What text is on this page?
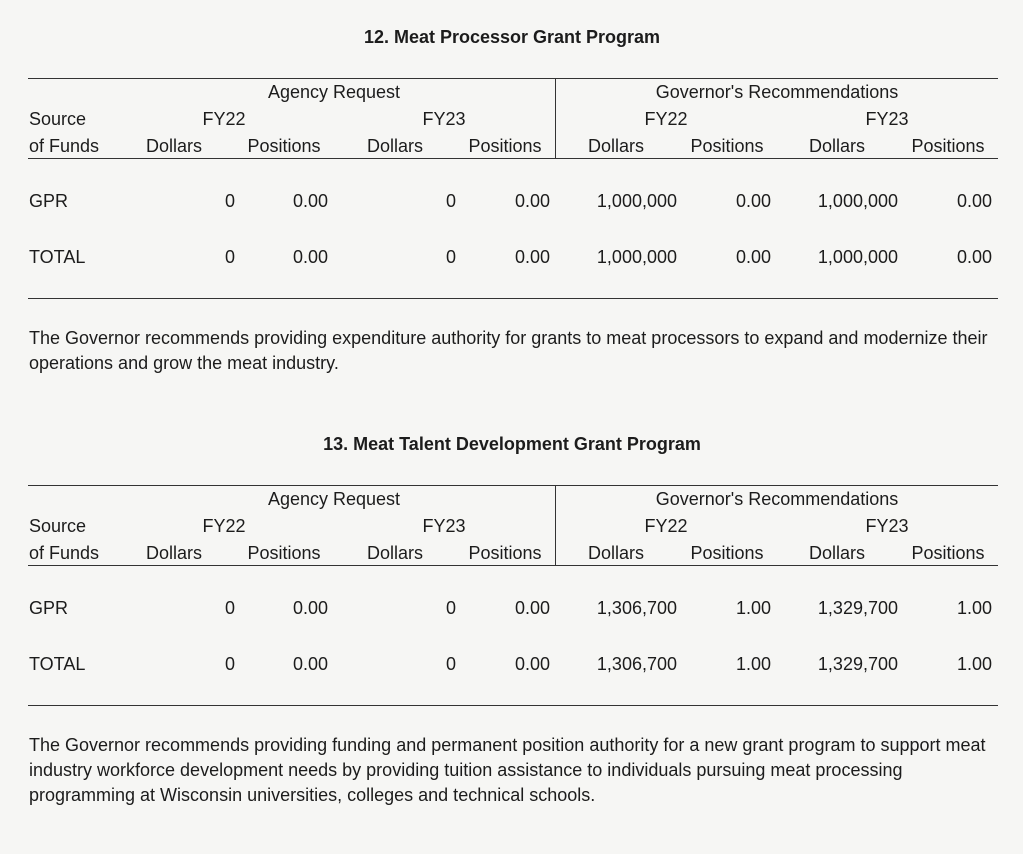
12. Meat Processor Grant Program
Agency Request	Governor's Recommendations
Source	FY22	FY23	FY22	FY23
of Funds	Dollars	Positions	Dollars	Positions	Dollars	Positions	Dollars	Positions
GPR	0	0.00	0	0.00	1,000,000	0.00	1,000,000	0.00
TOTAL	0	0.00	0	0.00	1,000,000	0.00	1,000,000	0.00
The Governor recommends providing expenditure authority for grants to meat processors to expand and modernize their operations and grow the meat industry.
13. Meat Talent Development Grant Program
Agency Request	Governor's Recommendations
Source	FY22	FY23	FY22	FY23
of Funds	Dollars	Positions	Dollars	Positions	Dollars	Positions	Dollars	Positions
GPR	0	0.00	0	0.00	1,306,700	1.00	1,329,700	1.00
TOTAL	0	0.00	0	0.00	1,306,700	1.00	1,329,700	1.00
The Governor recommends providing funding and permanent position authority for a new grant program to support meat industry workforce development needs by providing tuition assistance to individuals pursuing meat processing programming at Wisconsin universities, colleges and technical schools.
